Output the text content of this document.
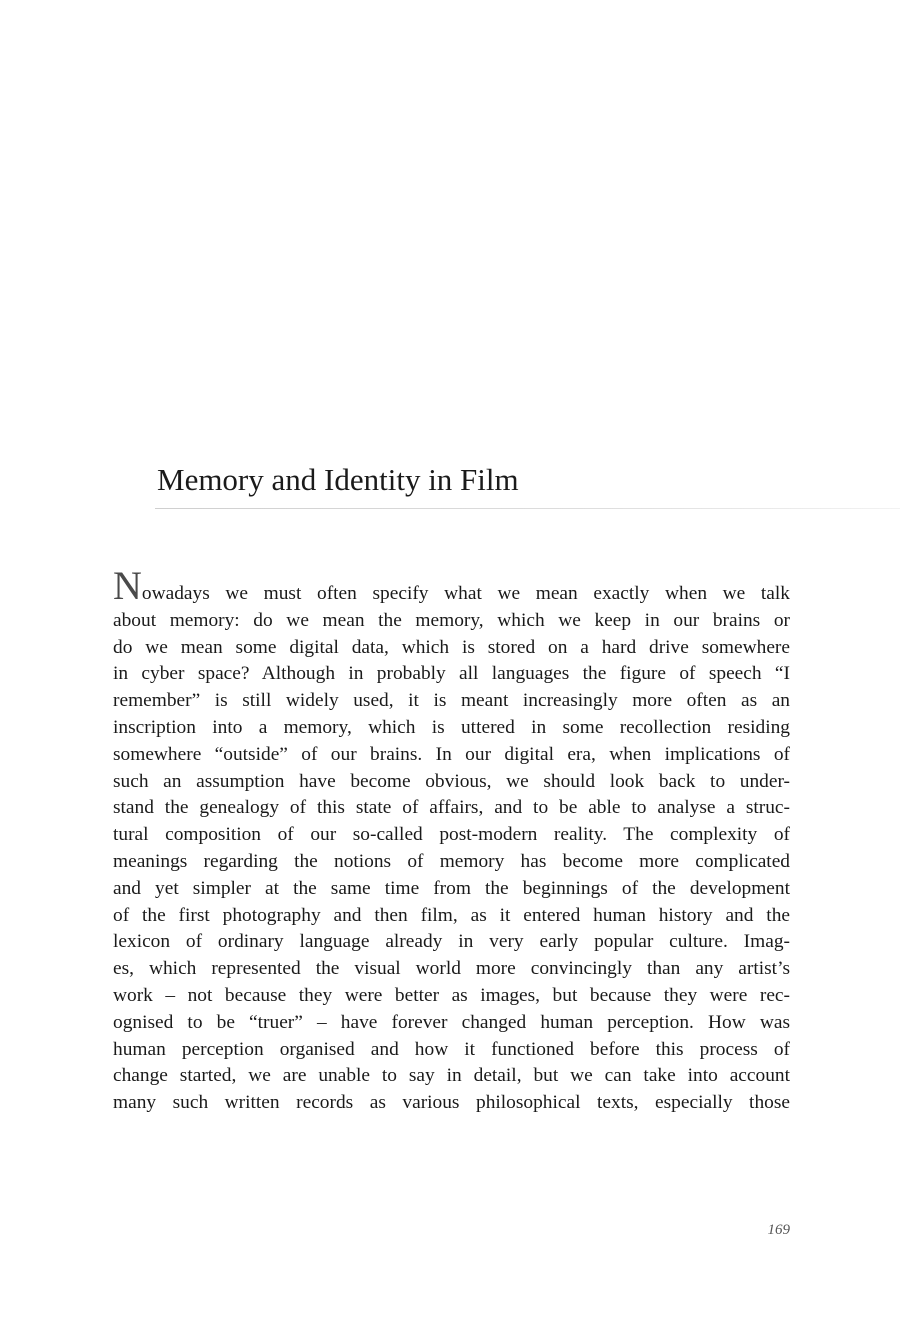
Memory and Identity in Film
Nowadays we must often specify what we mean exactly when we talk
about memory: do we mean the memory, which we keep in our brains or
do we mean some digital data, which is stored on a hard drive somewhere
in cyber space? Although in probably all languages the figure of speech “I
remember” is still widely used, it is meant increasingly more often as an
inscription into a memory, which is uttered in some recollection residing
somewhere “outside” of our brains. In our digital era, when implications of
such an assumption have become obvious, we should look back to under-
stand the genealogy of this state of affairs, and to be able to analyse a struc-
tural composition of our so-called post-modern reality. The complexity of
meanings regarding the notions of memory has become more complicated
and yet simpler at the same time from the beginnings of the development
of the first photography and then film, as it entered human history and the
lexicon of ordinary language already in very early popular culture. Imag-
es, which represented the visual world more convincingly than any artist’s
work – not because they were better as images, but because they were rec-
ognised to be “truer” – have forever changed human perception. How was
human perception organised and how it functioned before this process of
change started, we are unable to say in detail, but we can take into account
many such written records as various philosophical texts, especially those

169
